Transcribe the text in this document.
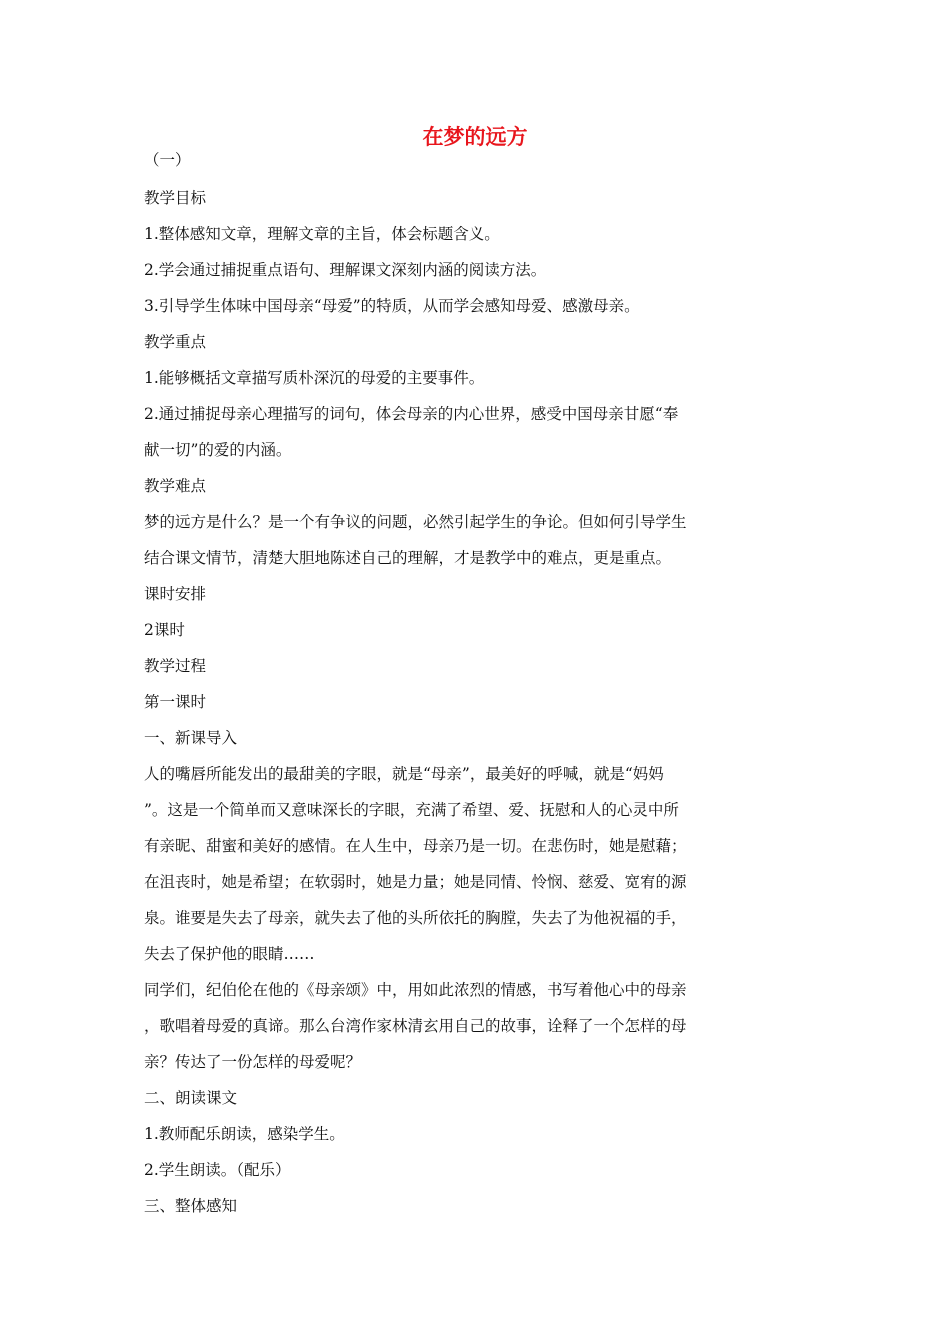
在梦的远方
（一）
教学目标
1.整体感知文章，理解文章的主旨，体会标题含义。
2.学会通过捕捉重点语句、理解课文深刻内涵的阅读方法。
3.引导学生体味中国母亲“母爱”的特质，从而学会感知母爱、感激母亲。
教学重点
1.能够概括文章描写质朴深沉的母爱的主要事件。
2.通过捕捉母亲心理描写的词句，体会母亲的内心世界，感受中国母亲甘愿“奉
献一切”的爱的内涵。
教学难点
梦的远方是什么？是一个有争议的问题，必然引起学生的争论。但如何引导学生
结合课文情节，清楚大胆地陈述自己的理解，才是教学中的难点，更是重点。
课时安排
2课时
教学过程
第一课时
一、新课导入
人的嘴唇所能发出的最甜美的字眼，就是“母亲”，最美好的呼喊，就是“妈妈
”。这是一个简单而又意味深长的字眼，充满了希望、爱、抚慰和人的心灵中所
有亲昵、甜蜜和美好的感情。在人生中，母亲乃是一切。在悲伤时，她是慰藉；
在沮丧时，她是希望；在软弱时，她是力量；她是同情、怜悯、慈爱、宽宥的源
泉。谁要是失去了母亲，就失去了他的头所依托的胸膛，失去了为他祝福的手，
失去了保护他的眼睛……
同学们，纪伯伦在他的《母亲颂》中，用如此浓烈的情感，书写着他心中的母亲
，歌唱着母爱的真谛。那么台湾作家林清玄用自己的故事，诠释了一个怎样的母
亲？传达了一份怎样的母爱呢？
二、朗读课文
1.教师配乐朗读，感染学生。
2.学生朗读。（配乐）
三、整体感知
